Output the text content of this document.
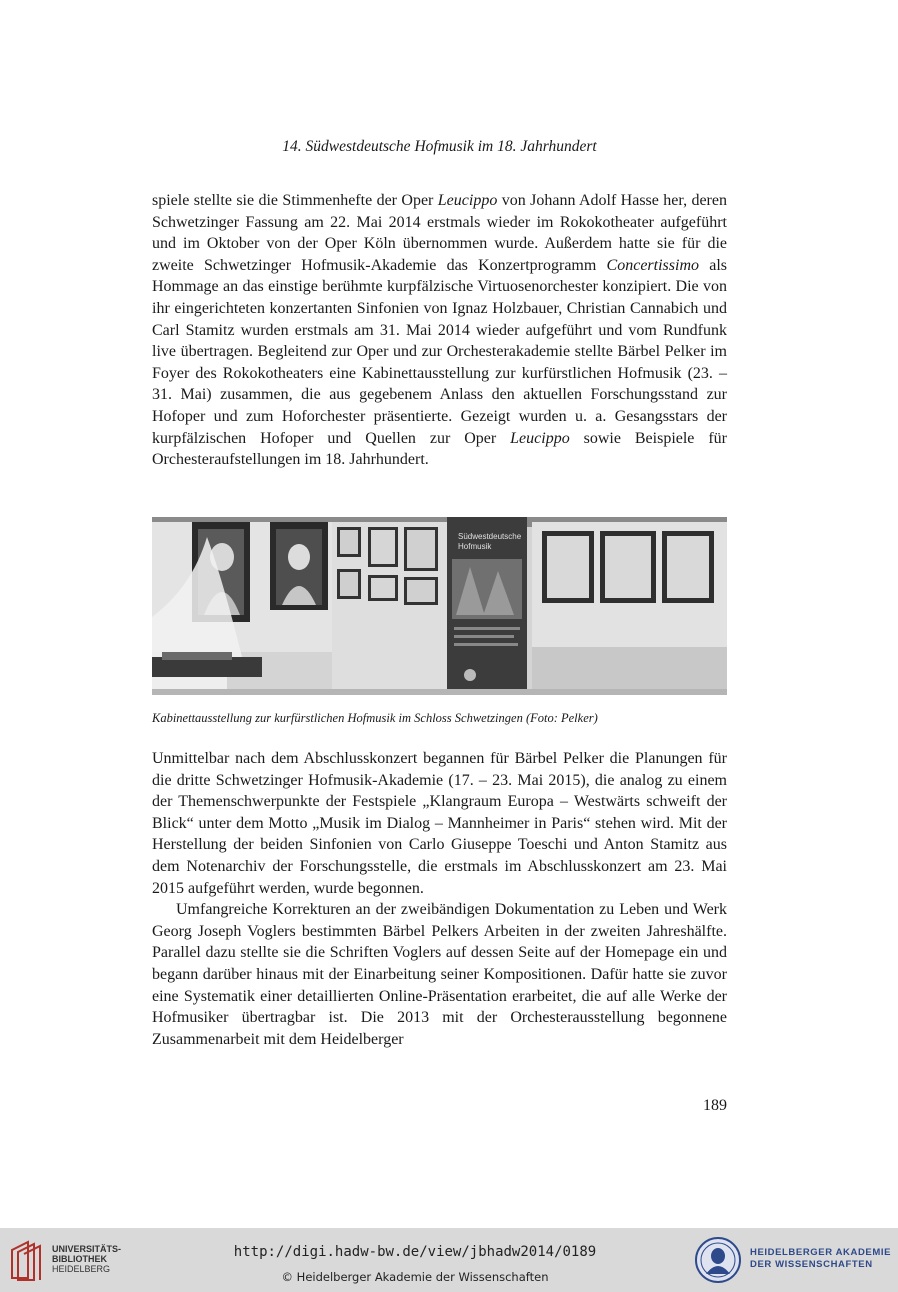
14. Südwestdeutsche Hofmusik im 18. Jahrhundert

spiele stellte sie die Stimmenhefte der Oper Leucippo von Johann Adolf Hasse her, deren Schwetzinger Fassung am 22. Mai 2014 erstmals wieder im Rokokotheater aufgeführt und im Oktober von der Oper Köln übernommen wurde. Außerdem hatte sie für die zweite Schwetzinger Hofmusik-Akademie das Konzertprogramm Concertissimo als Hommage an das einstige berühmte kurpfälzische Virtuosenorchester konzipiert. Die von ihr eingerichteten konzertanten Sinfonien von Ignaz Holzbauer, Christian Cannabich und Carl Stamitz wurden erstmals am 31. Mai 2014 wieder aufgeführt und vom Rundfunk live übertragen. Begleitend zur Oper und zur Orchesterakademie stellte Bärbel Pelker im Foyer des Rokokotheaters eine Kabinettausstellung zur kurfürstlichen Hofmusik (23. – 31. Mai) zusammen, die aus gegebenem Anlass den aktuellen Forschungsstand zur Hofoper und zum Hoforchester präsentierte. Gezeigt wurden u. a. Gesangsstars der kurpfälzischen Hofoper und Quellen zur Oper Leucippo sowie Beispiele für Orchesteraufstellungen im 18. Jahrhundert.

Südwestdeutsche
Hofmusik
Kabinettausstellung zur kurfürstlichen Hofmusik im Schloss Schwetzingen (Foto: Pelker)

Unmittelbar nach dem Abschlusskonzert begannen für Bärbel Pelker die Planungen für die dritte Schwetzinger Hofmusik-Akademie (17. – 23. Mai 2015), die analog zu einem der Themenschwerpunkte der Festspiele „Klangraum Europa – Westwärts schweift der Blick“ unter dem Motto „Musik im Dialog – Mannheimer in Paris“ stehen wird. Mit der Herstellung der beiden Sinfonien von Carlo Giuseppe Toeschi und Anton Stamitz aus dem Notenarchiv der Forschungsstelle, die erstmals im Abschlusskonzert am 23. Mai 2015 aufgeführt werden, wurde begonnen.

Umfangreiche Korrekturen an der zweibändigen Dokumentation zu Leben und Werk Georg Joseph Voglers bestimmten Bärbel Pelkers Arbeiten in der zweiten Jahreshälfte. Parallel dazu stellte sie die Schriften Voglers auf dessen Seite auf der Homepage ein und begann darüber hinaus mit der Einarbeitung seiner Kompositionen. Dafür hatte sie zuvor eine Systematik einer detaillierten Online-Präsentation erarbeitet, die auf alle Werke der Hofmusiker übertragbar ist. Die 2013 mit der Orchesterausstellung begonnene Zusammenarbeit mit dem Heidelberger

189
UNIVERSITÄTS-
BIBLIOTHEK
HEIDELBERG
http://digi.hadw-bw.de/view/jbhadw2014/0189
© Heidelberger Akademie der Wissenschaften
HEIDELBERGER AKADEMIE
DER WISSENSCHAFTEN
